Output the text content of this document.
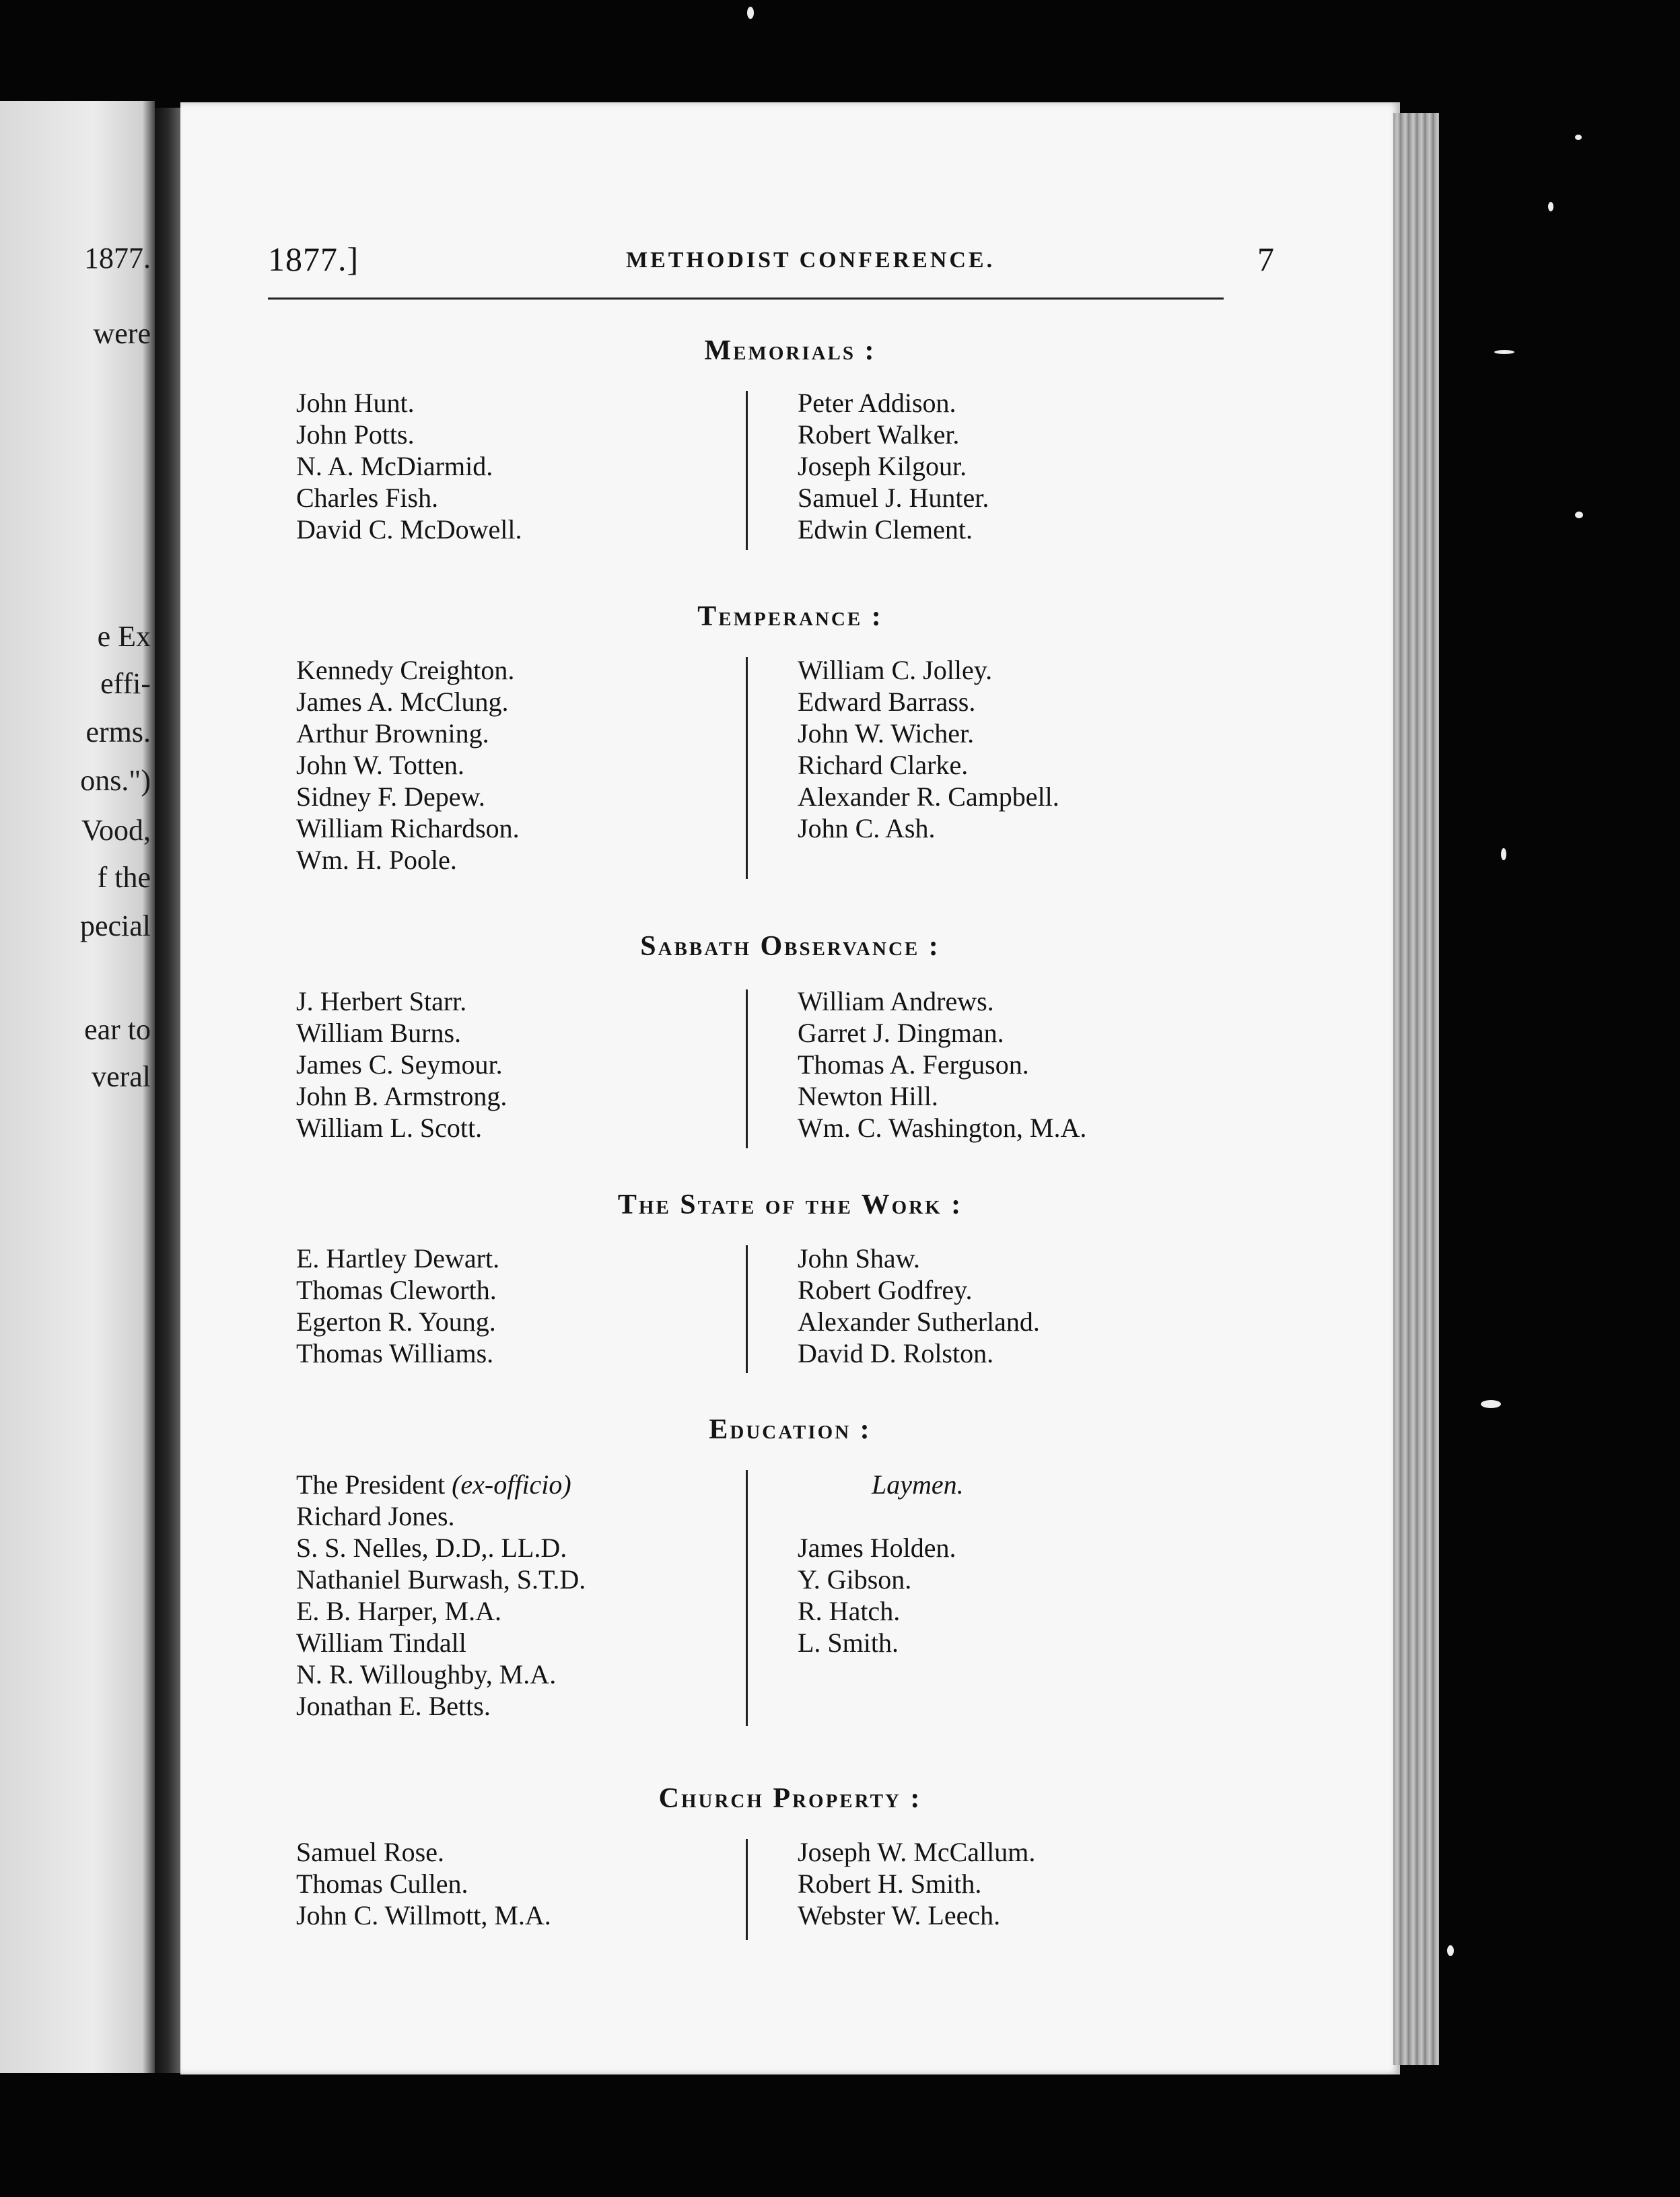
1877.
were
e Ex
effi-
erms.
ons.")
Vood,
f the
pecial
ear to
veral
1877.]	METHODIST CONFERENCE.	7
Memorials :
John Hunt.
John Potts.
N. A. McDiarmid.
Charles Fish.
David C. McDowell.
Peter Addison.
Robert Walker.
Joseph Kilgour.
Samuel J. Hunter.
Edwin Clement.
Temperance :
Kennedy Creighton.
James A. McClung.
Arthur Browning.
John W. Totten.
Sidney F. Depew.
William Richardson.
Wm. H. Poole.
William C. Jolley.
Edward Barrass.
John W. Wicher.
Richard Clarke.
Alexander R. Campbell.
John C. Ash.
Sabbath Observance :
J. Herbert Starr.
William Burns.
James C. Seymour.
John B. Armstrong.
William L. Scott.
William Andrews.
Garret J. Dingman.
Thomas A. Ferguson.
Newton Hill.
Wm. C. Washington, M.A.
The State of the Work :
E. Hartley Dewart.
Thomas Cleworth.
Egerton R. Young.
Thomas Williams.
John Shaw.
Robert Godfrey.
Alexander Sutherland.
David D. Rolston.
Education :
The President (ex-officio)
Richard Jones.
S. S. Nelles, D.D,. LL.D.
Nathaniel Burwash, S.T.D.
E. B. Harper, M.A.
William Tindall
N. R. Willoughby, M.A.
Jonathan E. Betts.
Laymen.
James Holden.
Y. Gibson.
R. Hatch.
L. Smith.
Church Property :
Samuel Rose.
Thomas Cullen.
John C. Willmott, M.A.
Joseph W. McCallum.
Robert H. Smith.
Webster W. Leech.
